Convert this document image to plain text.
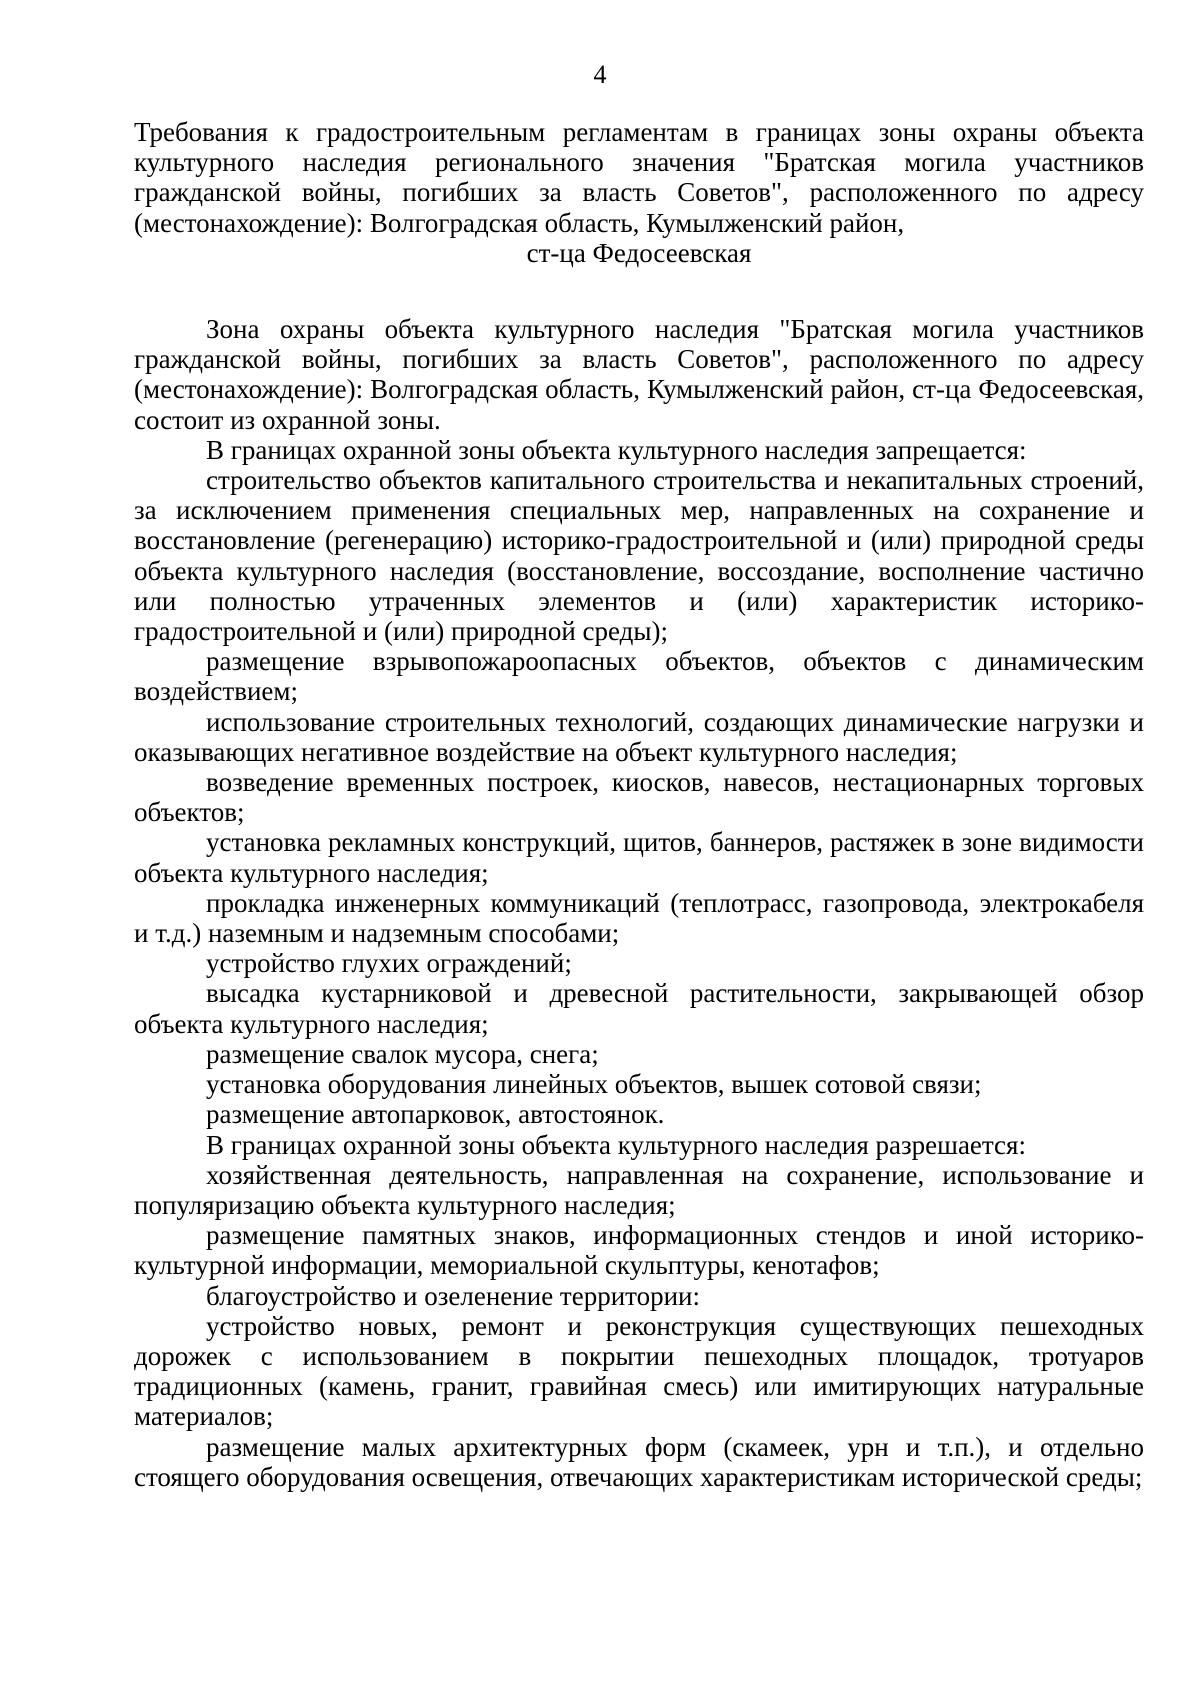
4

Требования к градостроительным регламентам в границах зоны охраны объекта культурного наследия регионального значения "Братская могила участников гражданской войны, погибших за власть Советов", расположенного по адресу (местонахождение): Волгоградская область, Кумылженский район,

ст-ца Федосеевская

Зона охраны объекта культурного наследия "Братская могила участников гражданской войны, погибших за власть Советов", расположенного по адресу (местонахождение): Волгоградская область, Кумылженский район, ст-ца Федосеевская, состоит из охранной зоны.

В границах охранной зоны объекта культурного наследия запрещается:

строительство объектов капитального строительства и некапитальных строений, за исключением применения специальных мер, направленных на сохранение и восстановление (регенерацию) историко-градостроительной и (или) природной среды объекта культурного наследия (восстановление, воссоздание, восполнение частично или полностью утраченных элементов и (или) характеристик историко-градостроительной и (или) природной среды);

размещение взрывопожароопасных объектов, объектов с динамическим воздействием;

использование строительных технологий, создающих динамические нагрузки и оказывающих негативное воздействие на объект культурного наследия;

возведение временных построек, киосков, навесов, нестационарных торговых объектов;

установка рекламных конструкций, щитов, баннеров, растяжек в зоне видимости объекта культурного наследия;

прокладка инженерных коммуникаций (теплотрасс, газопровода, электрокабеля и т.д.) наземным и надземным способами;

устройство глухих ограждений;

высадка кустарниковой и древесной растительности, закрывающей обзор объекта культурного наследия;

размещение свалок мусора, снега;

установка оборудования линейных объектов, вышек сотовой связи;

размещение автопарковок, автостоянок.

В границах охранной зоны объекта культурного наследия разрешается:

хозяйственная деятельность, направленная на сохранение, использование и популяризацию объекта культурного наследия;

размещение памятных знаков, информационных стендов и иной историко-культурной информации, мемориальной скульптуры, кенотафов;

благоустройство и озеленение территории:

устройство новых, ремонт и реконструкция существующих пешеходных дорожек с использованием в покрытии пешеходных площадок, тротуаров традиционных (камень, гранит, гравийная смесь) или имитирующих натуральные материалов;

размещение малых архитектурных форм (скамеек, урн и т.п.), и отдельно стоящего оборудования освещения, отвечающих характеристикам исторической среды;
